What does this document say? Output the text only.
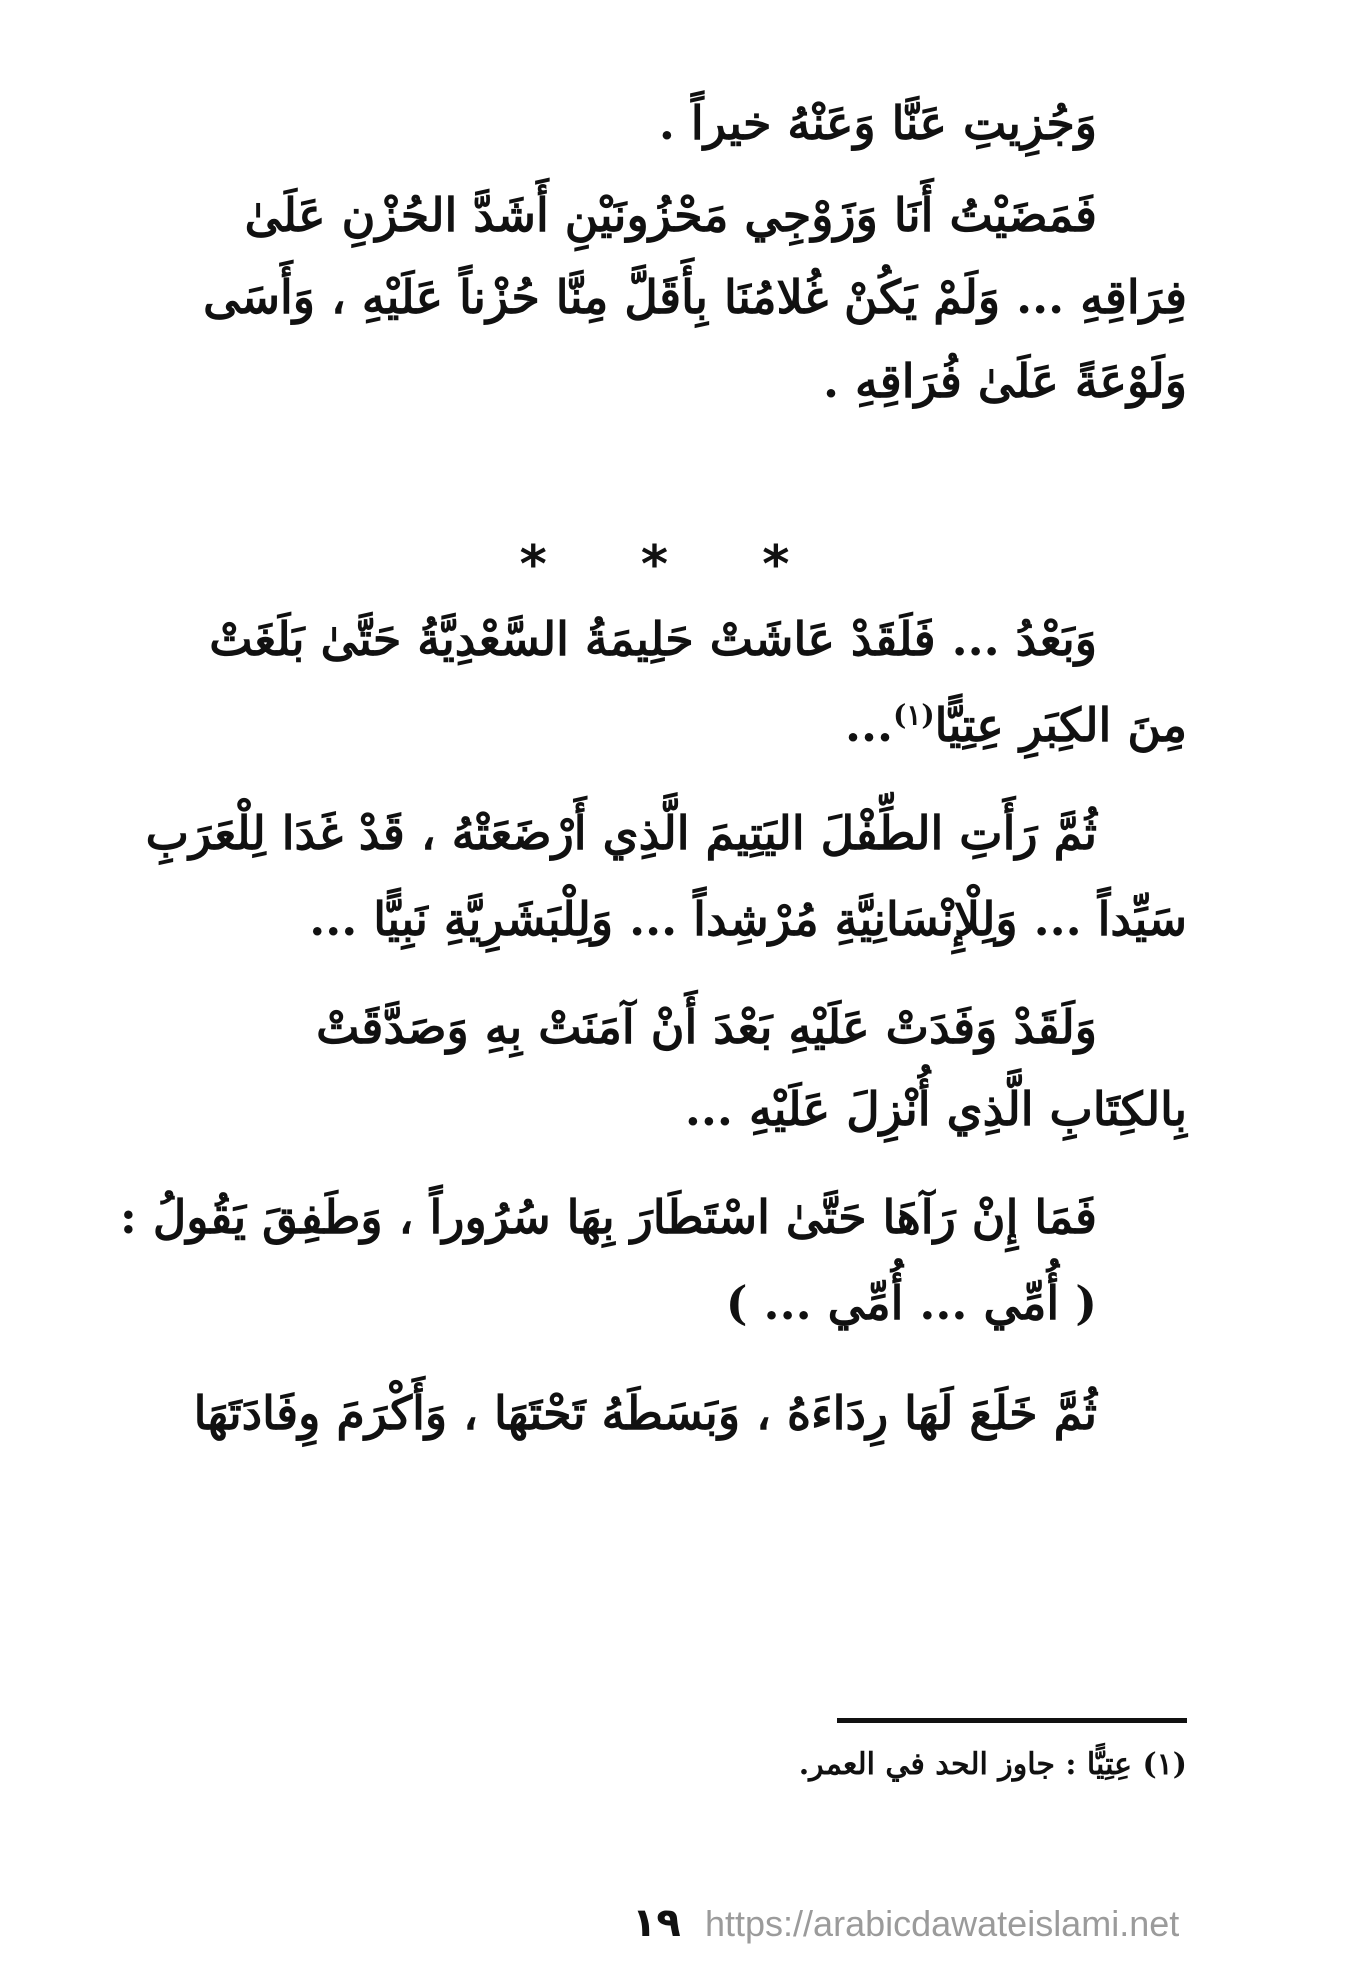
وَجُزِيتِ عَنَّا وَعَنْهُ خيراً .
فَمَضَيْتُ أَنَا وَزَوْجِي مَحْزُونَيْنِ أَشَدَّ الحُزْنِ عَلَىٰ
فِرَاقِهِ ... وَلَمْ يَكُنْ غُلامُنَا بِأَقَلَّ مِنَّا حُزْناً عَلَيْهِ ، وَأَسَى
وَلَوْعَةً عَلَىٰ فُرَاقِهِ .
* * *
وَبَعْدُ ... فَلَقَدْ عَاشَتْ حَلِيمَةُ السَّعْدِيَّةُ حَتَّىٰ بَلَغَتْ
مِنَ الكِبَرِ عِتِيًّا$^{(١)}$...
ثُمَّ رَأَتِ الطِّفْلَ اليَتِيمَ الَّذِي أَرْضَعَتْهُ ، قَدْ غَدَا لِلْعَرَبِ
سَيِّداً ... وَلِلْإِنْسَانِيَّةِ مُرْشِداً ... وَلِلْبَشَرِيَّةِ نَبِيًّا ...
وَلَقَدْ وَفَدَتْ عَلَيْهِ بَعْدَ أَنْ آمَنَتْ بِهِ وَصَدَّقَتْ
بِالكِتَابِ الَّذِي أُنْزِلَ عَلَيْهِ ...
فَمَا إِنْ رَآهَا حَتَّىٰ اسْتَطَارَ بِهَا سُرُوراً ، وَطَفِقَ يَقُولُ :
( أُمِّي ... أُمِّي ... )
ثُمَّ خَلَعَ لَهَا رِدَاءَهُ ، وَبَسَطَهُ تَحْتَهَا ، وَأَكْرَمَ وِفَادَتَهَا
(١) عِتِيًّا : جاوز الحد في العمر.
١٩ https://arabicdawateislami.net
